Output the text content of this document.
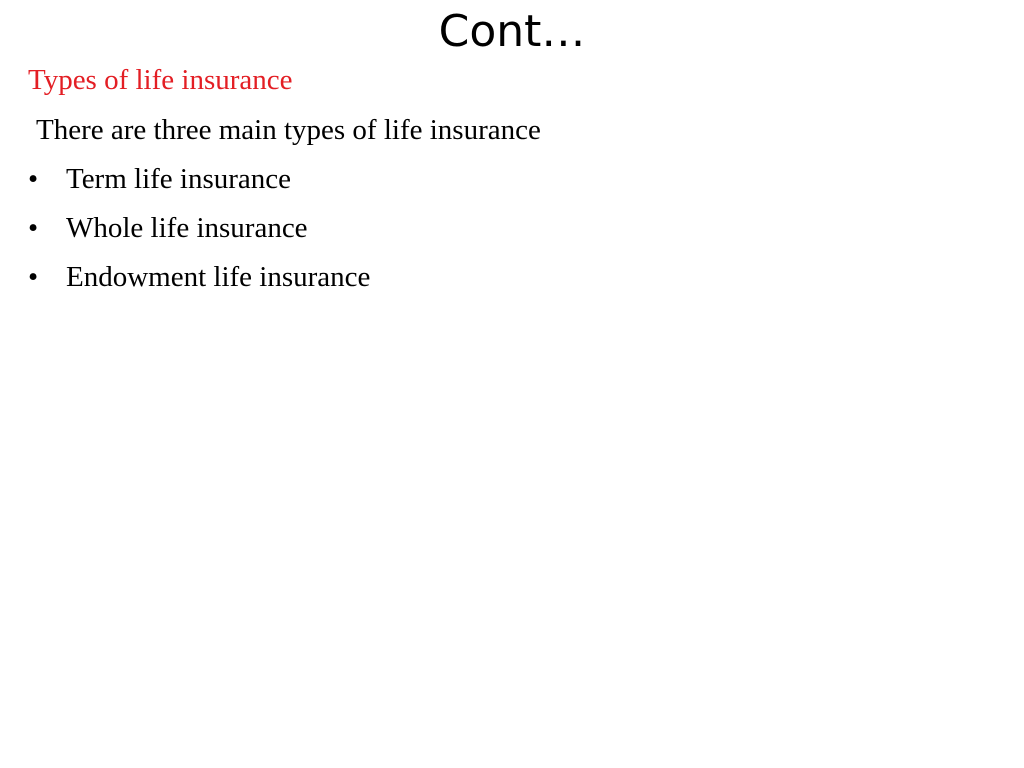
Cont…
Types of life insurance
There are three main types of life insurance
• Term life insurance
• Whole life insurance
• Endowment life insurance
